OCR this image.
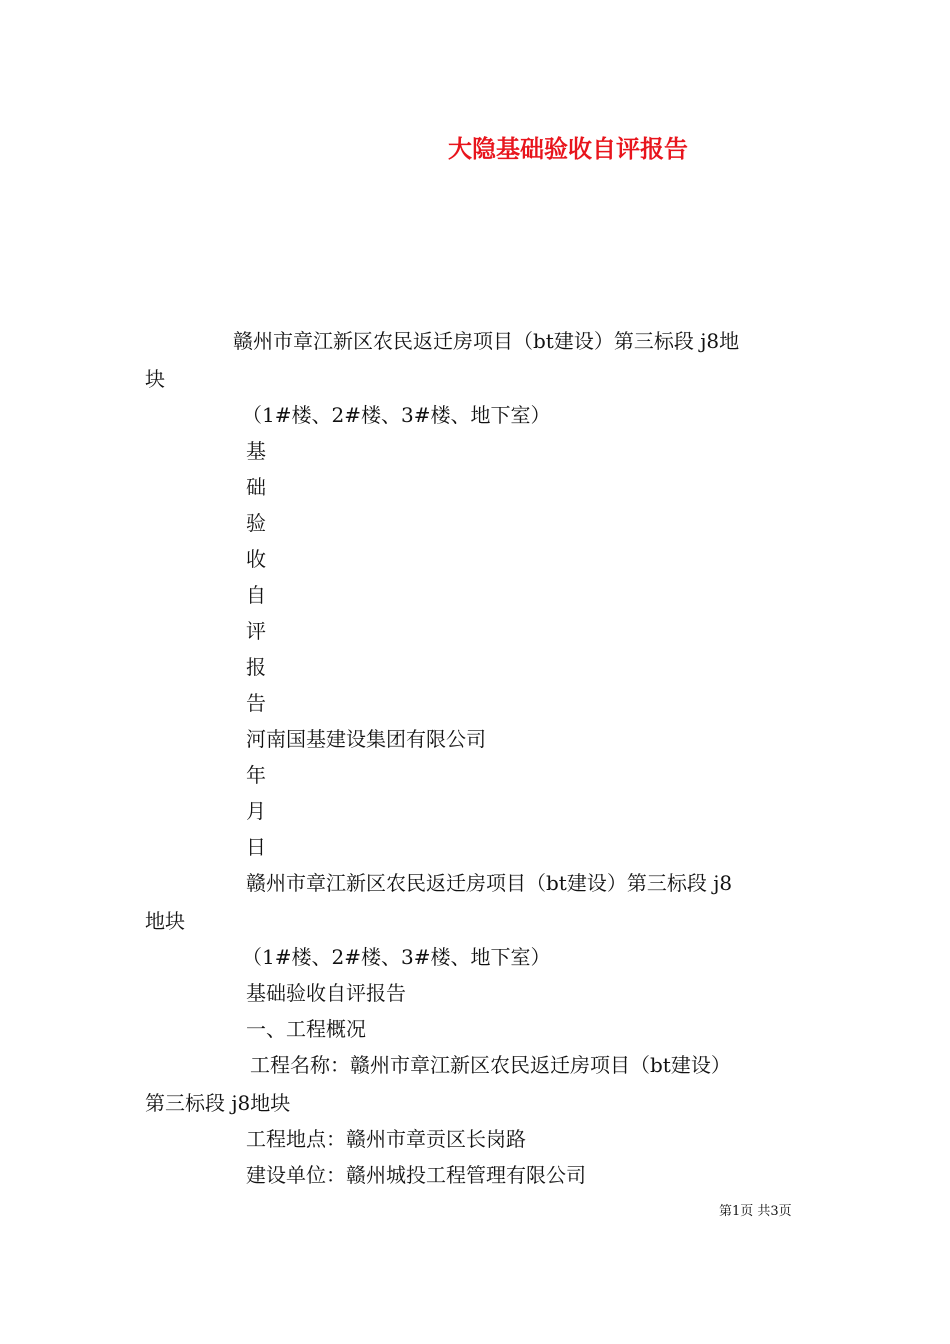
大隐基础验收自评报告
赣州市章江新区农民返迁房项目（bt建设）第三标段 j8地
块
（1#楼、2#楼、3#楼、地下室）
基
础
验
收
自
评
报
告
河南国基建设集团有限公司
年
月
日
赣州市章江新区农民返迁房项目（bt建设）第三标段 j8
地块
（1#楼、2#楼、3#楼、地下室）
基础验收自评报告
一、工程概况
工程名称：赣州市章江新区农民返迁房项目（bt建设）
第三标段 j8地块
工程地点：赣州市章贡区长岗路
建设单位：赣州城投工程管理有限公司
第1页 共3页
